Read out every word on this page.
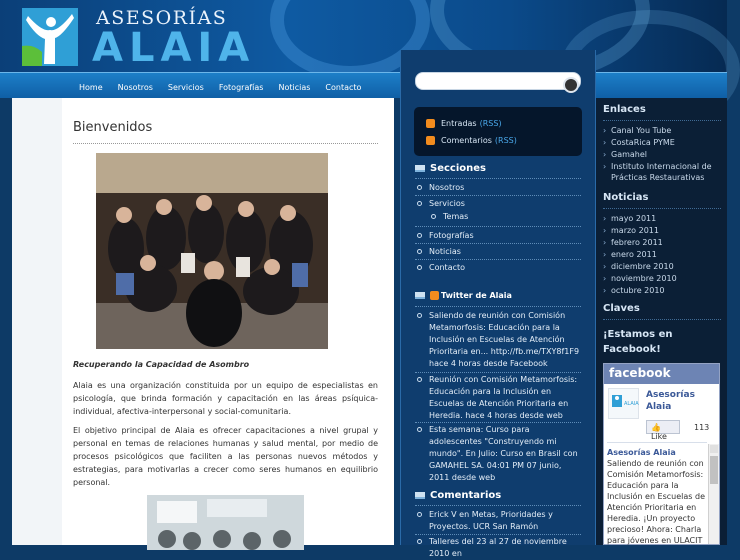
ASESORÍAS
ALAIA
Home Nosotros Servicios Fotografías Noticias Contacto
Bienvenidos
Recuperando la Capacidad de Asombro
Alaia es una organización constituida por un equipo de especialistas en psicología, que brinda formación y capacitación en las áreas psíquica-individual, afectiva-interpersonal y social-comunitaria.
El objetivo principal de Alaia es ofrecer capacitaciones a nivel grupal y personal en temas de relaciones humanas y salud mental, por medio de procesos psicológicos que faciliten a las personas nuevos métodos y estrategias, para motivarlas a crecer como seres humanos en equilibrio personal.
Entradas (RSS)
Comentarios (RSS)
Secciones
Nosotros
Servicios
Temas
Fotografías
Noticias
Contacto
Twitter de Alaia
Saliendo de reunión con Comisión Metamorfosis: Educación para la Inclusión en Escuelas de Atención Prioritaria en... http://fb.me/TXY8f1F9 hace 4 horas desde Facebook
Reunión con Comisión Metamorfosis: Educación para la Inclusión en Escuelas de Atención Prioritaria en Heredia. hace 4 horas desde web
Esta semana: Curso para adolescentes "Construyendo mi mundo". En Julio: Curso en Brasil con GAMAHEL SA. 04:01 PM 07 junio, 2011 desde web
Comentarios
Erick V en Metas, Prioridades y Proyectos. UCR San Ramón
Talleres del 23 al 27 de noviembre 2010 en
Enlaces
› Canal You Tube
› CostaRica PYME
› Gamahel
› Instituto Internacional de Prácticas Restaurativas
Noticias
› mayo 2011
› marzo 2011
› febrero 2011
› enero 2011
› diciembre 2010
› noviembre 2010
› octubre 2010
Claves
¡Estamos en Facebook!
facebook
ALAIA
Asesorías Alaia
👍 Like
113
Asesorías Alaia Saliendo de reunión con Comisión Metamorfosis: Educación para la Inclusión en Escuelas de Atención Prioritaria en Heredia. ¡Un proyecto precioso! Ahora: Charla para jóvenes en ULACIT
